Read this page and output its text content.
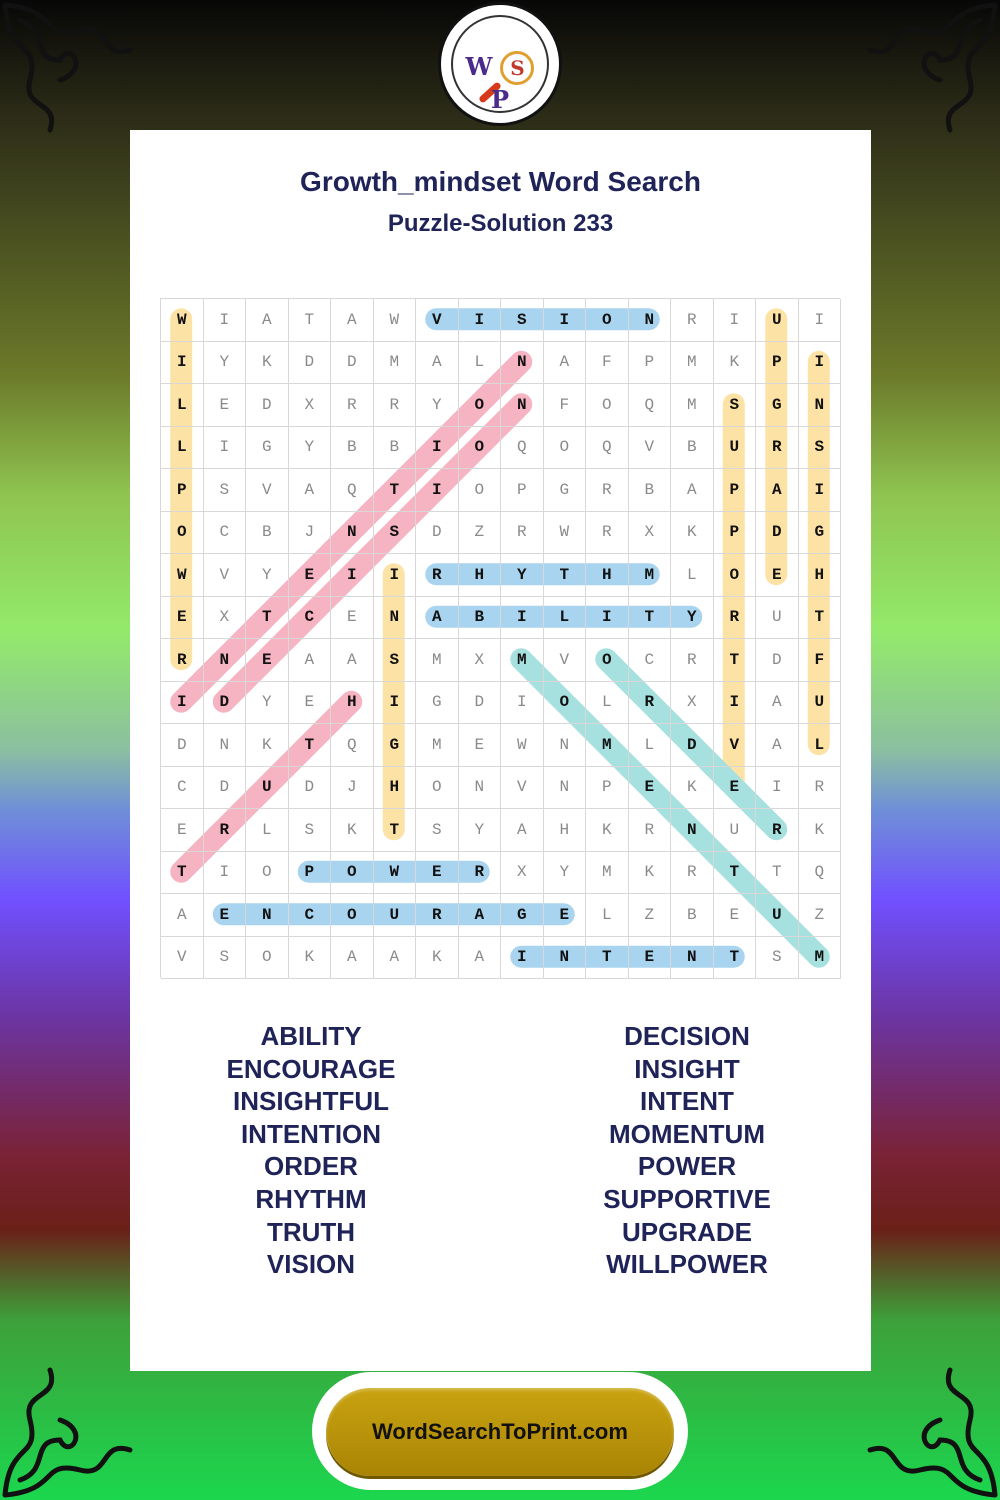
W SP
Growth_mindset Word Search
Puzzle-Solution 233
W	I	A	T	A	W	V	I	S	I	O	N	R	I	U	I
I	Y	K	D	D	M	A	L	N	A	F	P	M	K	P	I
L	E	D	X	R	R	Y	O	N	F	O	Q	M	S	G	N
L	I	G	Y	B	B	I	O	Q	O	Q	V	B	U	R	S
P	S	V	A	Q	T	I	O	P	G	R	B	A	P	A	I
O	C	B	J	N	S	D	Z	R	W	R	X	K	P	D	G
W	V	Y	E	I	I	R	H	Y	T	H	M	L	O	E	H
E	X	T	C	E	N	A	B	I	L	I	T	Y	R	U	T
R	N	E	A	A	S	M	X	M	V	O	C	R	T	D	F
I	D	Y	E	H	I	G	D	I	O	L	R	X	I	A	U
D	N	K	T	Q	G	M	E	W	N	M	L	D	V	A	L
C	D	U	D	J	H	O	N	V	N	P	E	K	E	I	R
E	R	L	S	K	T	S	Y	A	H	K	R	N	U	R	K
T	I	O	P	O	W	E	R	X	Y	M	K	R	T	T	Q
A	E	N	C	O	U	R	A	G	E	L	Z	B	E	U	Z
V	S	O	K	A	A	K	A	I	N	T	E	N	T	S	M
ABILITY
ENCOURAGE
INSIGHTFUL
INTENTION
ORDER
RHYTHM
TRUTH
VISION
DECISION
INSIGHT
INTENT
MOMENTUM
POWER
SUPPORTIVE
UPGRADE
WILLPOWER
WordSearchToPrint.com
